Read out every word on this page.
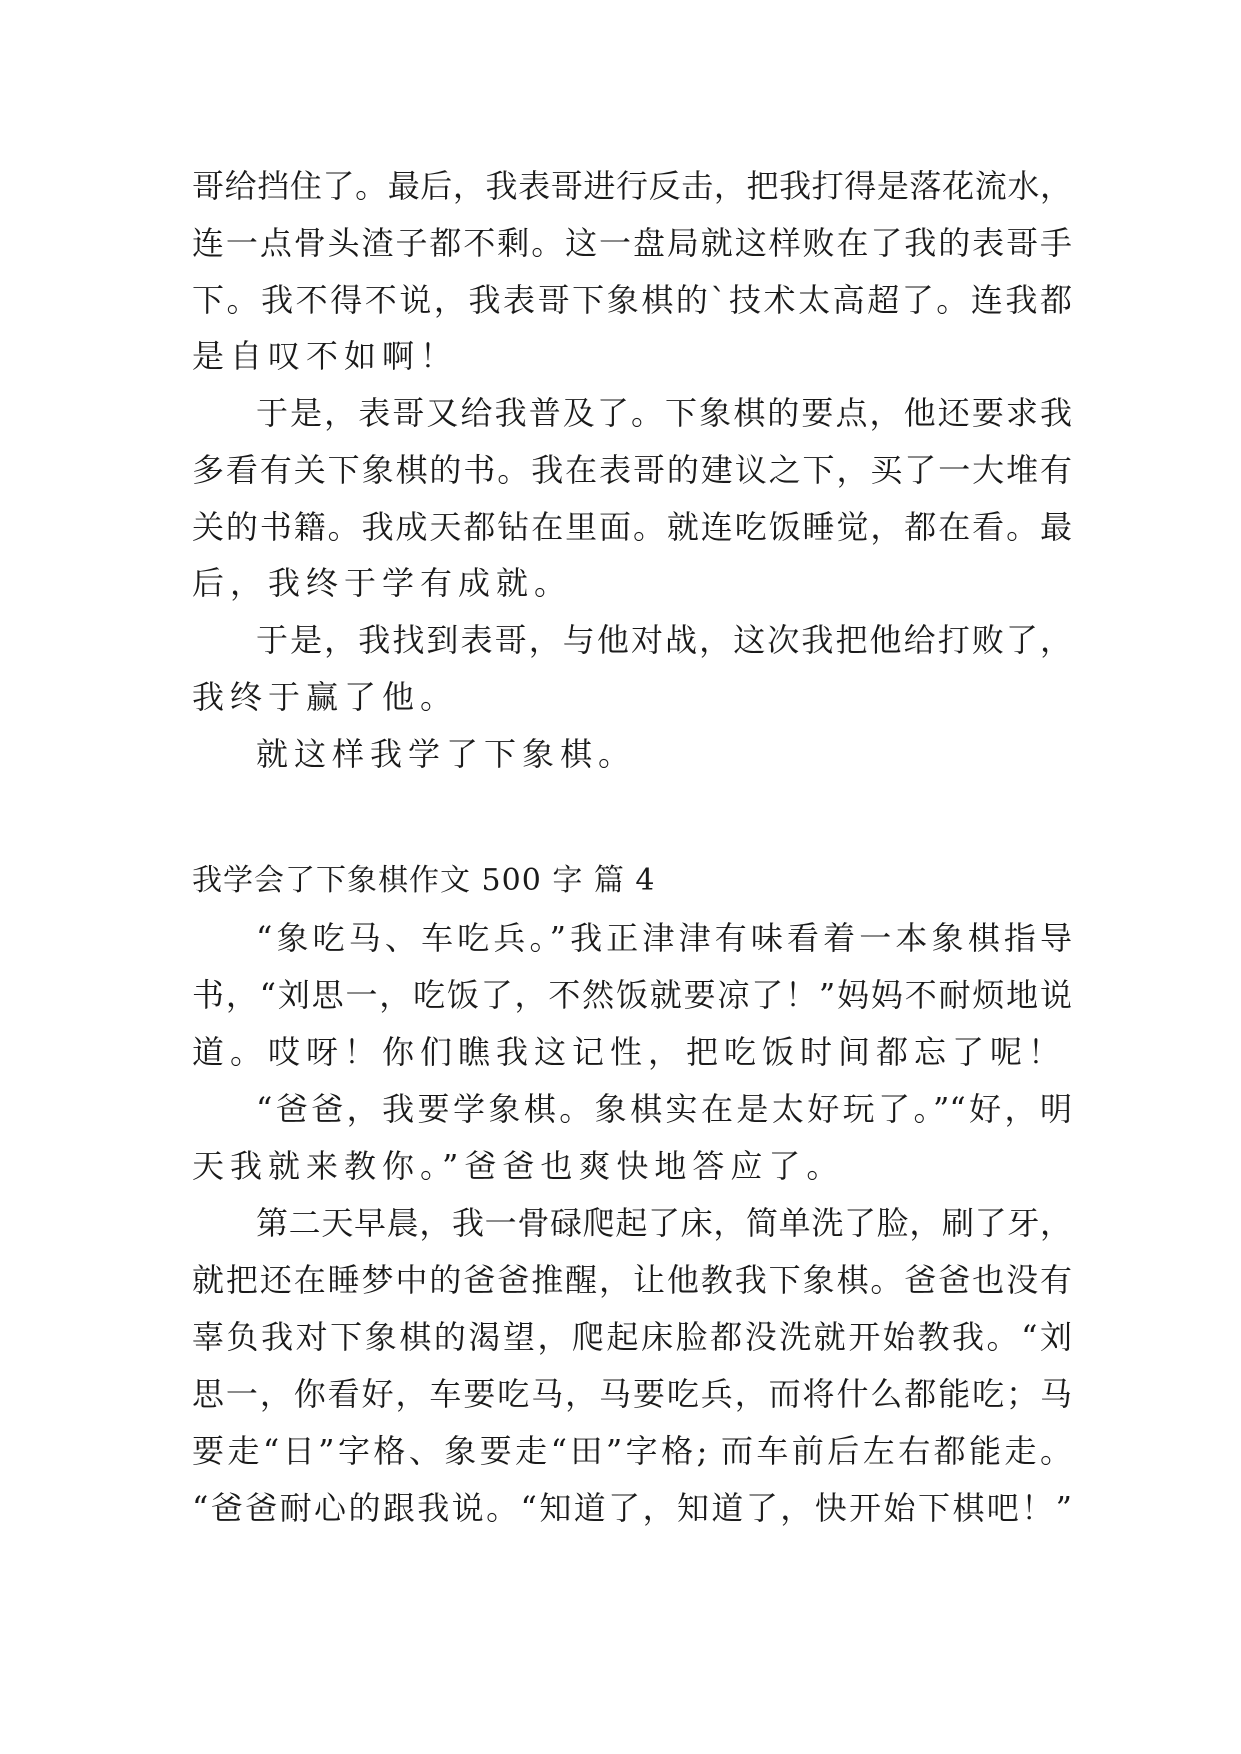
哥给挡住了。最后，我表哥进行反击，把我打得是落花流水，
连一点骨头渣子都不剩。这一盘局就这样败在了我的表哥手
下。我不得不说，我表哥下象棋的`技术太高超了。连我都
是自叹不如啊！
于是，表哥又给我普及了。下象棋的要点，他还要求我
多看有关下象棋的书。我在表哥的建议之下，买了一大堆有
关的书籍。我成天都钻在里面。就连吃饭睡觉，都在看。最
后，我终于学有成就。
于是，我找到表哥，与他对战，这次我把他给打败了，
我终于赢了他。
就这样我学了下象棋。
我学会了下象棋作文 500 字 篇 4
“象吃马、车吃兵。”我正津津有味看着一本象棋指导
书，“刘思一，吃饭了，不然饭就要凉了！”妈妈不耐烦地说
道。哎呀！你们瞧我这记性，把吃饭时间都忘了呢！
“爸爸，我要学象棋。象棋实在是太好玩了。”“好，明
天我就来教你。”爸爸也爽快地答应了。
第二天早晨，我一骨碌爬起了床，简单洗了脸，刷了牙，
就把还在睡梦中的爸爸推醒，让他教我下象棋。爸爸也没有
辜负我对下象棋的渴望，爬起床脸都没洗就开始教我。“刘
思一，你看好，车要吃马，马要吃兵，而将什么都能吃；马
要走“日”字格、象要走“田”字格; 而车前后左右都能走。
“爸爸耐心的跟我说。“知道了，知道了，快开始下棋吧！”
